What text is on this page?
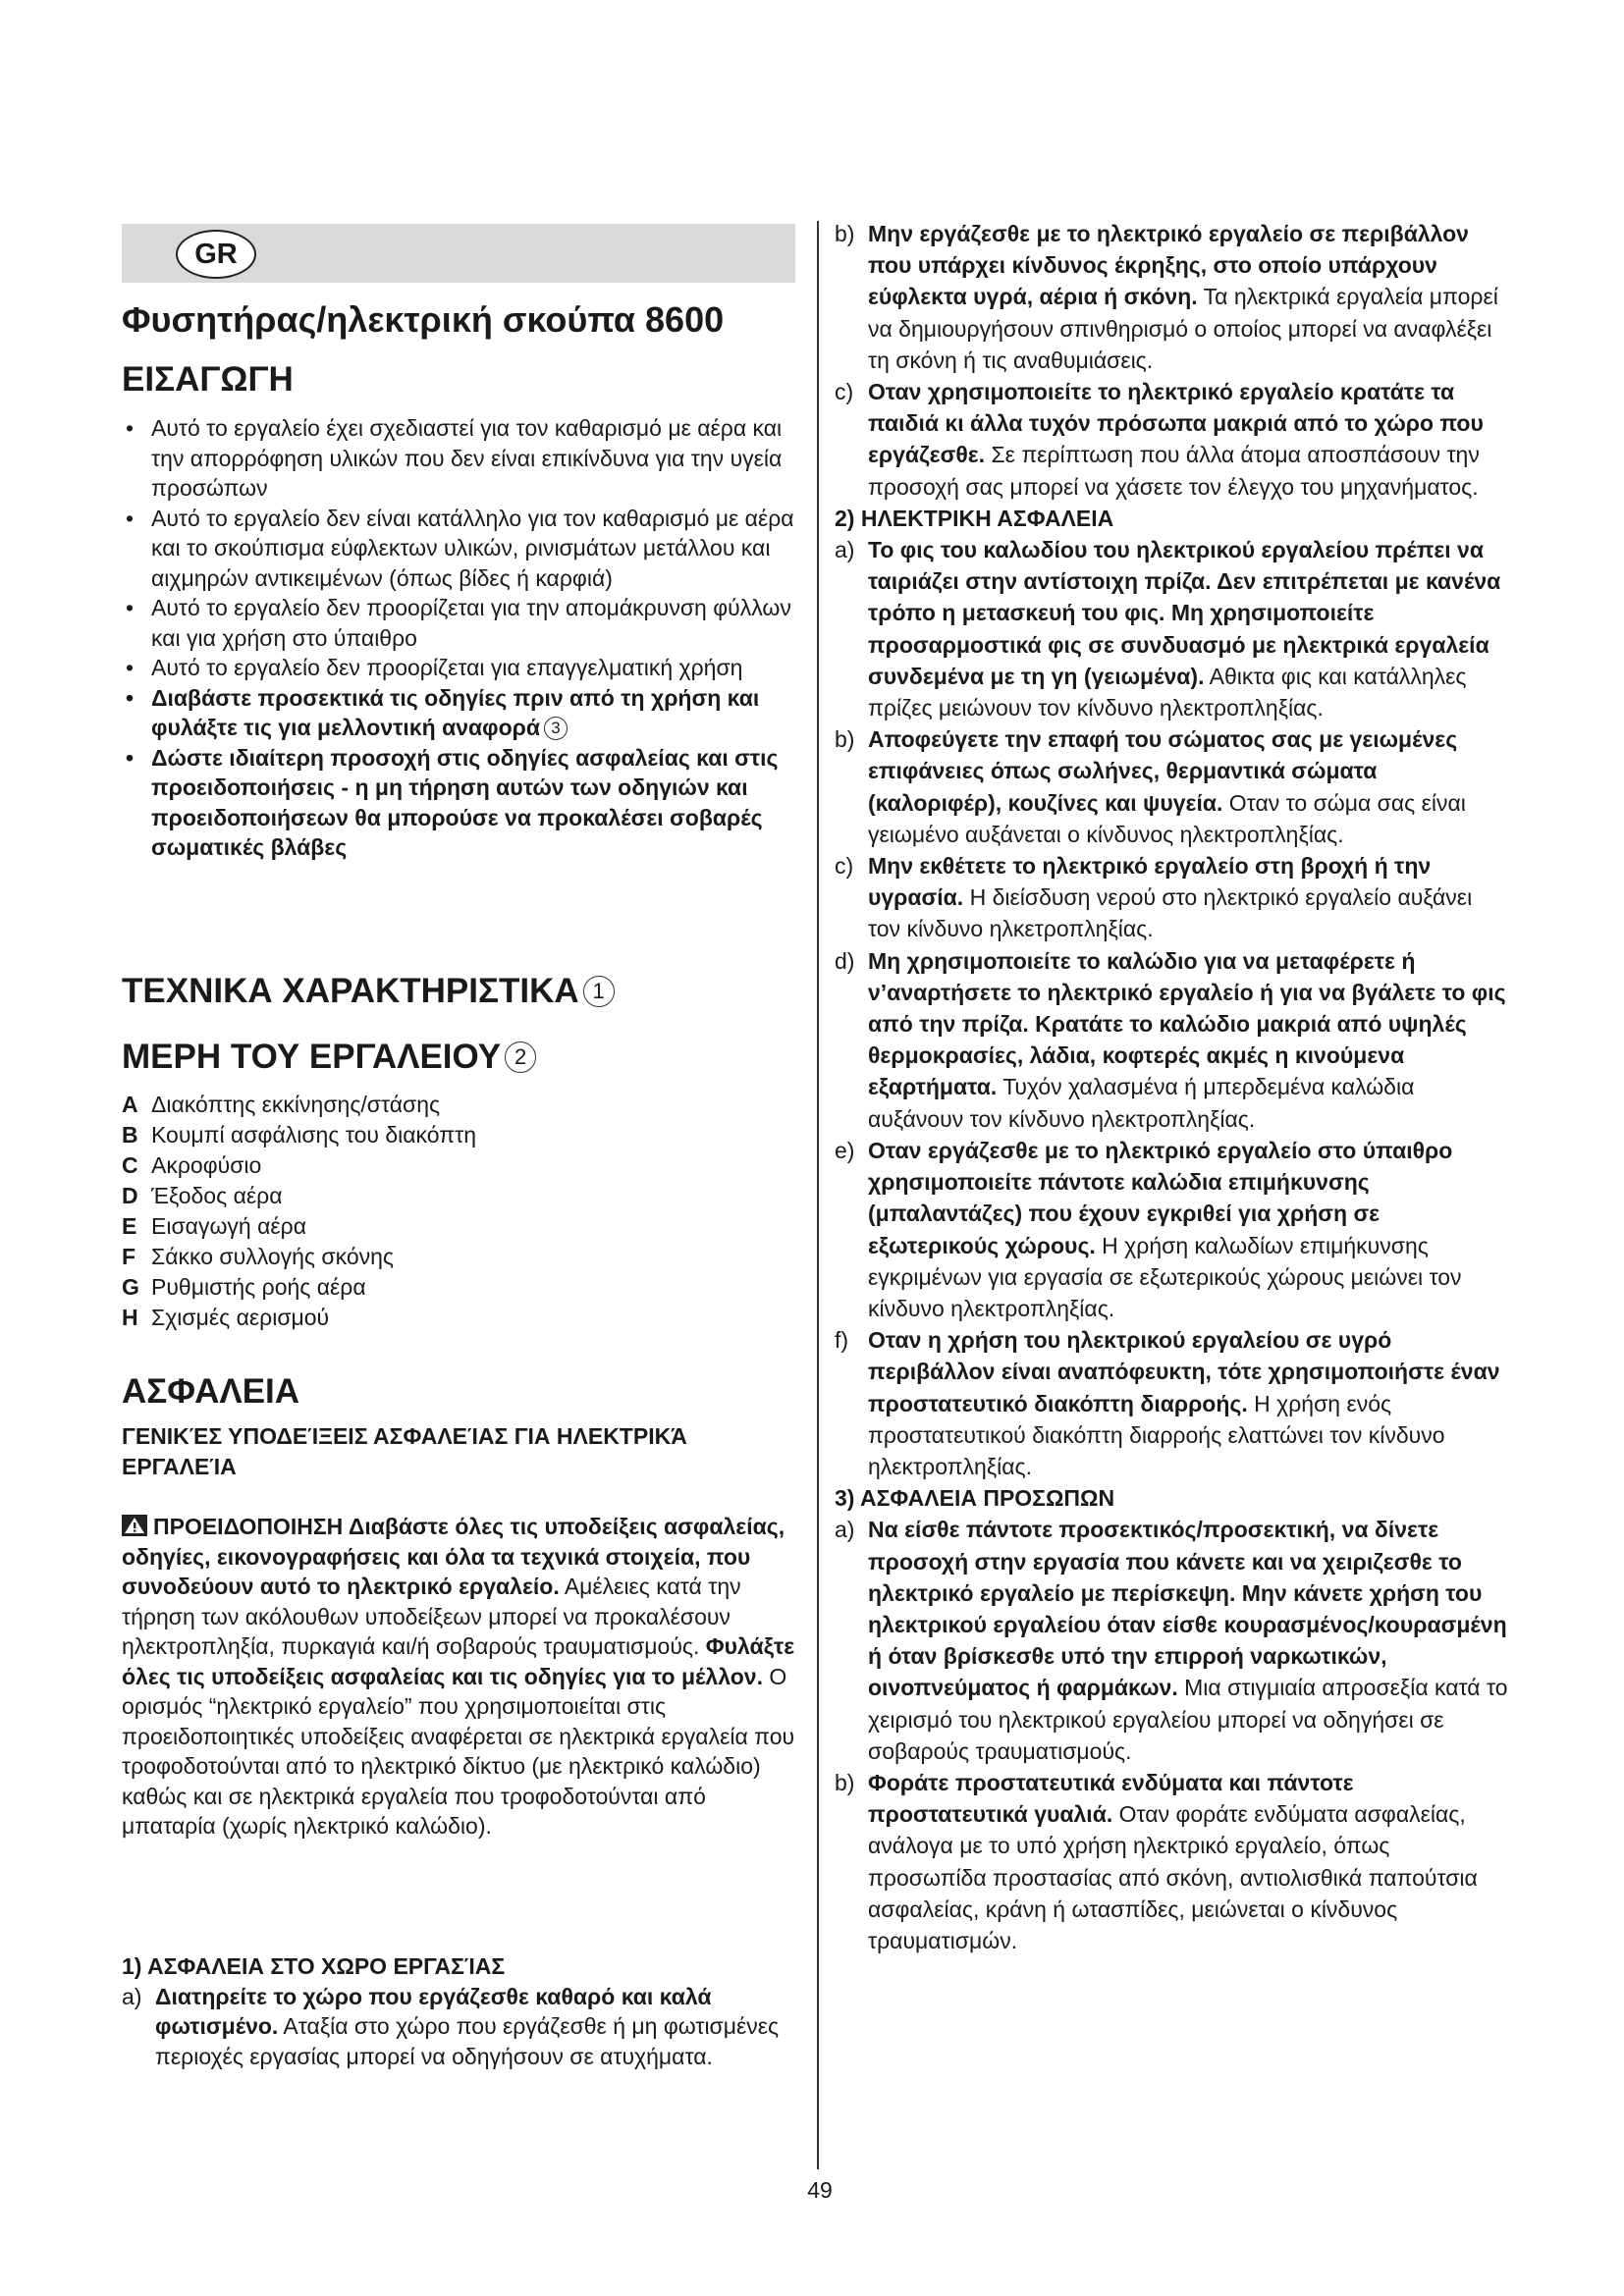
GR
Φυσητήρας/ηλεκτρική σκούπα 8600
ΕΙΣΑΓΩΓΗ
• Αυτό το εργαλείο έχει σχεδιαστεί για τον καθαρισμό με αέρα και την απορρόφηση υλικών που δεν είναι επικίνδυνα για την υγεία προσώπων
• Αυτό το εργαλείο δεν είναι κατάλληλο για τον καθαρισμό με αέρα και το σκούπισμα εύφλεκτων υλικών, ρινισμάτων μετάλλου και αιχμηρών αντικειμένων (όπως βίδες ή καρφιά)
• Αυτό το εργαλείο δεν προορίζεται για την απομάκρυνση φύλλων και για χρήση στο ύπαιθρο
• Αυτό το εργαλείο δεν προορίζεται για επαγγελματική χρήση
• Διαβάστε προσεκτικά τις οδηγίες πριν από τη χρήση και φυλάξτε τις για μελλοντική αναφορά 3
• Δώστε ιδιαίτερη προσοχή στις οδηγίες ασφαλείας και στις προειδοποιήσεις - η μη τήρηση αυτών των οδηγιών και προειδοποιήσεων θα μπορούσε να προκαλέσει σοβαρές σωματικές βλάβες
ΤΕΧΝΙΚΑ ΧΑΡΑΚΤΗΡΙΣΤΙΚΑ 1
ΜΕΡΗ ΤΟΥ ΕΡΓΑΛΕΙΟΥ 2
A Διακόπτης εκκίνησης/στάσης
B Κουμπί ασφάλισης του διακόπτη
C Ακροφύσιο
D Έξοδος αέρα
E Εισαγωγή αέρα
F Σάκκο συλλογής σκόνης
G Ρυθμιστής ροής αέρα
H Σχισμές αερισμού
ΑΣΦΑΛΕΙΑ
ΓΕΝΙΚΈΣ ΥΠΟΔΕΊΞΕΙΣ ΑΣΦΑΛΕΊΑΣ ΓΙΑ ΗΛΕΚΤΡΙΚΆ ΕΡΓΑΛΕΊΑ
ΠΡΟΕΙΔΟΠΟΙΗΣΗ Διαβάστε όλες τις υποδείξεις ασφαλείας, οδηγίες, εικονογραφήσεις και όλα τα τεχνικά στοιχεία, που συνοδεύουν αυτό το ηλεκτρικό εργαλείο. Αμέλειες κατά την τήρηση των ακόλουθων υποδείξεων μπορεί να προκαλέσουν ηλεκτροπληξία, πυρκαγιά και/ή σοβαρούς τραυματισμούς. Φυλάξτε όλες τις υποδείξεις ασφαλείας και τις οδηγίες για το μέλλον. Ο ορισμός “ηλεκτρικό εργαλείο” που χρησιμοποιείται στις προειδοποιητικές υποδείξεις αναφέρεται σε ηλεκτρικά εργαλεία που τροφοδοτούνται από το ηλεκτρικό δίκτυο (με ηλεκτρικό καλώδιο) καθώς και σε ηλεκτρικά εργαλεία που τροφοδοτούνται από μπαταρία (χωρίς ηλεκτρικό καλώδιο).
1) ΑΣΦΑΛΕΙΑ ΣΤΟ ΧΩΡΟ ΕΡΓΑΣΊΑΣ
a) Διατηρείτε το χώρο που εργάζεσθε καθαρό και καλά φωτισμένο. Αταξία στο χώρο που εργάζεσθε ή μη φωτισμένες περιοχές εργασίας μπορεί να οδηγήσουν σε ατυχήματα.
b) Μην εργάζεσθε με το ηλεκτρικό εργαλείο σε περιβάλλον που υπάρχει κίνδυνος έκρηξης, στο οποίο υπάρχουν εύφλεκτα υγρά, αέρια ή σκόνη. Τα ηλεκτρικά εργαλεία μπορεί να δημιουργήσουν σπινθηρισμό ο οποίος μπορεί να αναφλέξει τη σκόνη ή τις αναθυμιάσεις.
c) Οταν χρησιμοποιείτε το ηλεκτρικό εργαλείο κρατάτε τα παιδιά κι άλλα τυχόν πρόσωπα μακριά από το χώρο που εργάζεσθε. Σε περίπτωση που άλλα άτομα αποσπάσουν την προσοχή σας μπορεί να χάσετε τον έλεγχο του μηχανήματος.
2) ΗΛΕΚΤΡΙΚΗ ΑΣΦΑΛΕΙΑ
a) Το φις του καλωδίου του ηλεκτρικού εργαλείου πρέπει να ταιριάζει στην αντίστοιχη πρίζα. Δεν επιτρέπεται με κανένα τρόπο η μετασκευή του φις. Μη χρησιμοποιείτε προσαρμοστικά φις σε συνδυασμό με ηλεκτρικά εργαλεία συνδεμένα με τη γη (γειωμένα). Αθικτα φις και κατάλληλες πρίζες μειώνουν τον κίνδυνο ηλεκτροπληξίας.
b) Αποφεύγετε την επαφή του σώματος σας με γειωμένες επιφάνειες όπως σωλήνες, θερμαντικά σώματα (καλοριφέρ), κουζίνες και ψυγεία. Οταν το σώμα σας είναι γειωμένο αυξάνεται ο κίνδυνος ηλεκτροπληξίας.
c) Μην εκθέτετε το ηλεκτρικό εργαλείο στη βροχή ή την υγρασία. Η διείσδυση νερού στο ηλεκτρικό εργαλείο αυξάνει τον κίνδυνο ηλκετροπληξίας.
d) Μη χρησιμοποιείτε το καλώδιο για να μεταφέρετε ή ν’αναρτήσετε το ηλεκτρικό εργαλείο ή για να βγάλετε το φις από την πρίζα. Κρατάτε το καλώδιο μακριά από υψηλές θερμοκρασίες, λάδια, κοφτερές ακμές η κινούμενα εξαρτήματα. Τυχόν χαλασμένα ή μπερδεμένα καλώδια αυξάνουν τον κίνδυνο ηλεκτροπληξίας.
e) Οταν εργάζεσθε με το ηλεκτρικό εργαλείο στο ύπαιθρο χρησιμοποιείτε πάντοτε καλώδια επιμήκυνσης (μπαλαντάζες) που έχουν εγκριθεί για χρήση σε εξωτερικούς χώρους. Η χρήση καλωδίων επιμήκυνσης εγκριμένων για εργασία σε εξωτερικούς χώρους μειώνει τον κίνδυνο ηλεκτροπληξίας.
f) Οταν η χρήση του ηλεκτρικού εργαλείου σε υγρό περιβάλλον είναι αναπόφευκτη, τότε χρησιμοποιήστε έναν προστατευτικό διακόπτη διαρροής. Η χρήση ενός προστατευτικού διακόπτη διαρροής ελαττώνει τον κίνδυνο ηλεκτροπληξίας.
3) ΑΣΦΑΛΕΙΑ ΠΡΟΣΩΠΩΝ
a) Να είσθε πάντοτε προσεκτικός/προσεκτική, να δίνετε προσοχή στην εργασία που κάνετε και να χειριζεσθε το ηλεκτρικό εργαλείο με περίσκεψη. Μην κάνετε χρήση του ηλεκτρικού εργαλείου όταν είσθε κουρασμένος/κουρασμένη ή όταν βρίσκεσθε υπό την επιρροή ναρκωτικών, οινοπνεύματος ή φαρμάκων. Μια στιγμιαία απροσεξία κατά το χειρισμό του ηλεκτρικού εργαλείου μπορεί να οδηγήσει σε σοβαρούς τραυματισμούς.
b) Φοράτε προστατευτικά ενδύματα και πάντοτε προστατευτικά γυαλιά. Οταν φοράτε ενδύματα ασφαλείας, ανάλογα με το υπό χρήση ηλεκτρικό εργαλείο, όπως προσωπίδα προστασίας από σκόνη, αντιολισθικά παπούτσια ασφαλείας, κράνη ή ωτασπίδες, μειώνεται ο κίνδυνος τραυματισμών.
49
